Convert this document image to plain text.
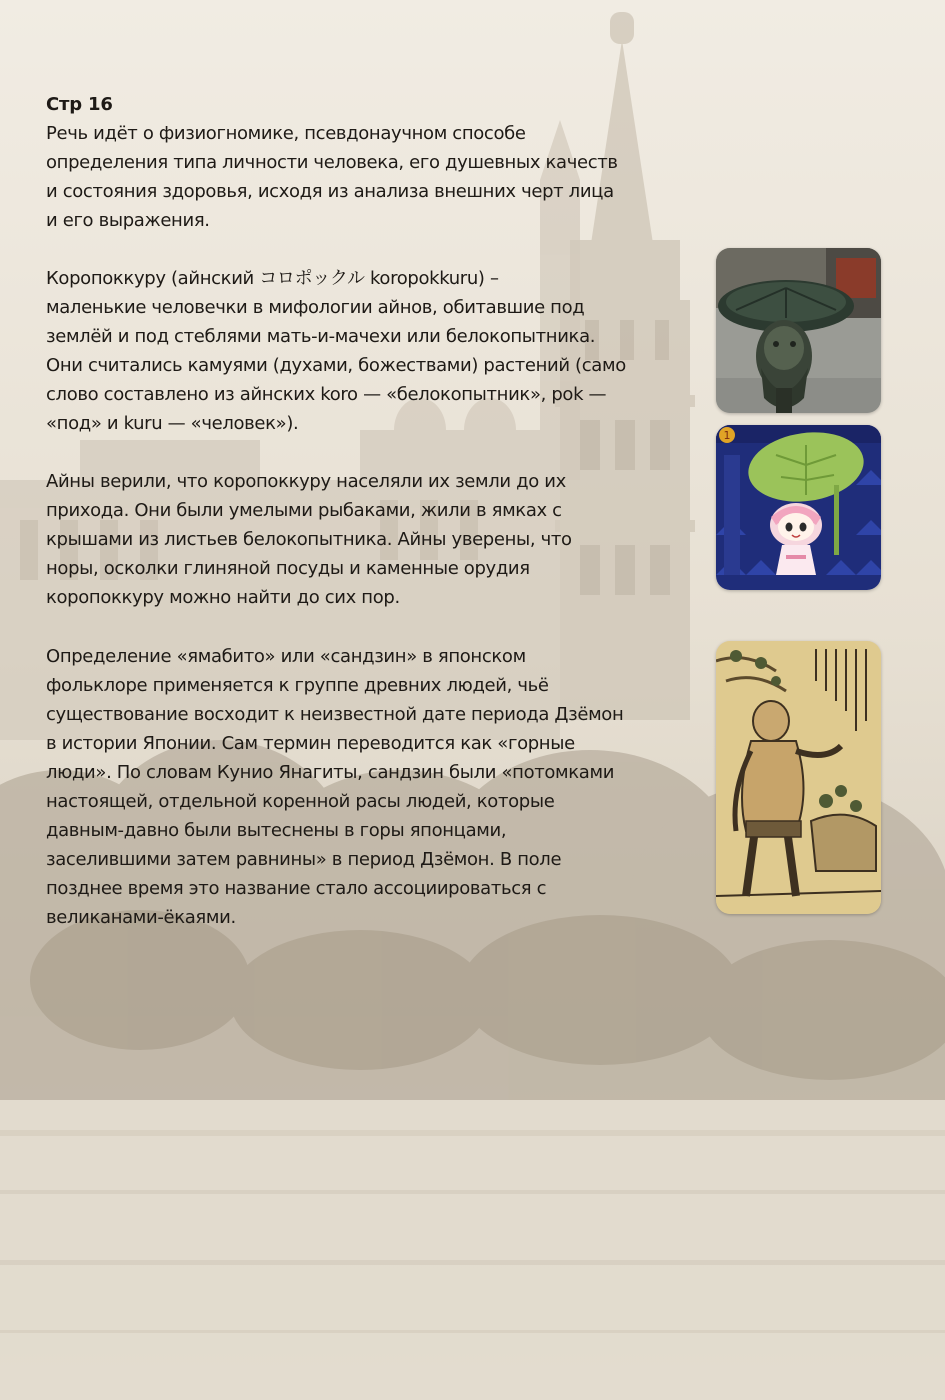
Стр 16

Речь идёт о физиогномике, псевдонаучном способе
определения типа личности человека, его душевных качеств
и состояния здоровья, исходя из анализа внешних черт лица
и его выражения.

Коропоккуру (айнский コロポックル koropokkuru) –
маленькие человечки в мифологии айнов, обитавшие под
землёй и под стеблями мать-и-мачехи или белокопытника.
Они считались камуями (духами, божествами) растений (само
слово составлено из айнских koro — «белокопытник», pok —
«под» и kuru — «человек»).

Айны верили, что коропоккуру населяли их земли до их
прихода. Они были умелыми рыбаками, жили в ямках с
крышами из листьев белокопытника. Айны уверены, что
норы, осколки глиняной посуды и каменные орудия
коропоккуру можно найти до сих пор.

Определение «ямабито» или «сандзин» в японском
фольклоре применяется к группе древних людей, чьё
существование восходит к неизвестной дате периода Дзёмон
в истории Японии. Сам термин переводится как «горные
люди». По словам Кунио Янагиты, сандзин были «потомками
настоящей, отдельной коренной расы людей, которые
давным-давно были вытеснены в горы японцами,
заселившими затем равнины» в период Дзёмон. В поле
позднее время это название стало ассоциироваться с
великанами-ёкаями.

1
